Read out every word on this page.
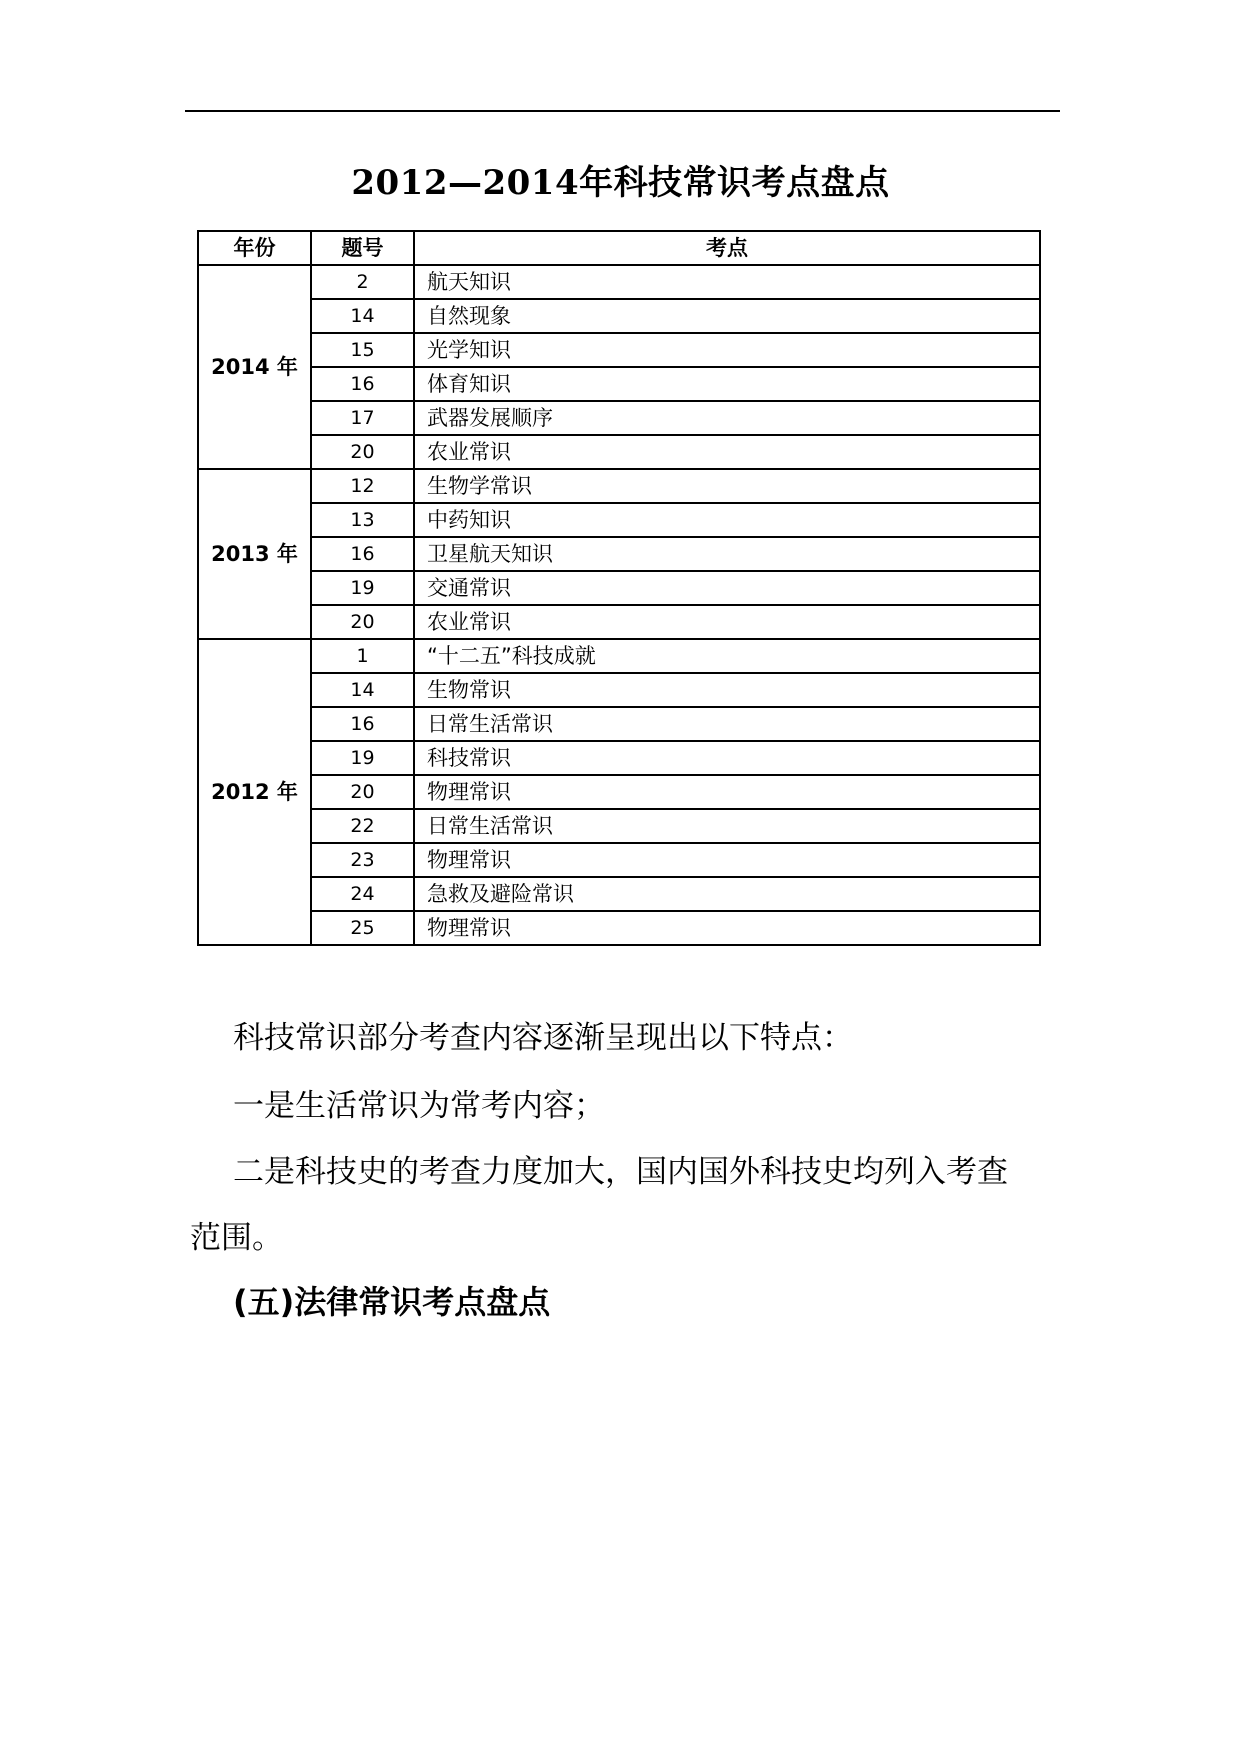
2012—2014年科技常识考点盘点
年份	题号	考点
2014 年	2	航天知识
	14	自然现象
	15	光学知识
	16	体育知识
	17	武器发展顺序
	20	农业常识
2013 年	12	生物学常识
	13	中药知识
	16	卫星航天知识
	19	交通常识
	20	农业常识
2012 年	1	“十二五”科技成就
	14	生物常识
	16	日常生活常识
	19	科技常识
	20	物理常识
	22	日常生活常识
	23	物理常识
	24	急救及避险常识
	25	物理常识
科技常识部分考查内容逐渐呈现出以下特点：
一是生活常识为常考内容；
二是科技史的考查力度加大，国内国外科技史均列入考查
范围。
(五)法律常识考点盘点
